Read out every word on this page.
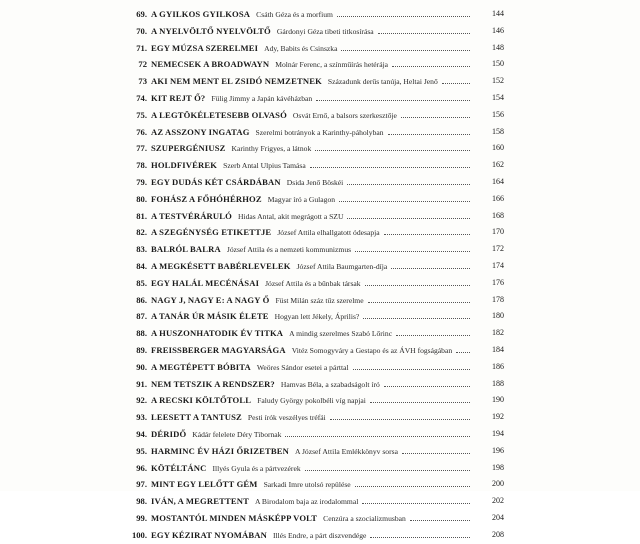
69. A GYILKOS GYILKOSA Csáth Géza és a morfium	144
70. A NYELVÖLTŐ NYELVÖLTŐ Gárdonyi Géza tibeti titkosírása	146
71. EGY MÚZSA SZERELMEI Ady, Babits és Csinszka	148
72 NEMECSEK A BROADWAYN Molnár Ferenc, a színműírás hetérája	150
73 AKI NEM MENT EL ZSIDÓ NEMZETNEK Századunk derűs tanúja, Heltai Jenő	152
74. KIT REJT Ő? Fülig Jimmy a Japán kávéházban	154
75. A LEGTÖKÉLETESEBB OLVASÓ Osvát Ernő, a balsors szerkesztője	156
76. AZ ASSZONY INGATAG Szerelmi botrányok a Karinthy-páholyban	158
77. SZUPERGÉNIUSZ Karinthy Frigyes, a látnok	160
78. HOLDFIVÉREK Szerb Antal Ulpius Tamása	162
79. EGY DUDÁS KÉT CSÁRDÁBAN Dsida Jenő Böskéi	164
80. FOHÁSZ A FŐHÓHÉRHOZ Magyar író a Gulagon	166
81. A TESTVÉRÁRULÓ Hidas Antal, akit megrágott a SZU	168
82. A SZEGÉNYSÉG ETIKETTJE József Attila elhallgatott ódesapja	170
83. BALRÓL BALRA József Attila és a nemzeti kommunizmus	172
84. A MEGKÉSETT BABÉRLEVELEK József Attila Baumgarten-díja	174
85. EGY HALÁL MECÉNÁSAI József Attila és a bűnbak társak	176
86. NAGY J, NAGY E: A NAGY Ő Füst Milán száz tűz szerelme	178
87. A TANÁR ÚR MÁSIK ÉLETE Hogyan lett Jékely, Április?	180
88. A HUSZONHATODIK ÉV TITKA A mindig szerelmes Szabó Lőrinc	182
89. FREISSBERGER MAGYARSÁGA Vitéz Somogyváry a Gestapo és az ÁVH fogságában	184
90. A MEGTÉPETT BÓBITA Weöres Sándor esetei a párttal	186
91. NEM TETSZIK A RENDSZER? Hamvas Béla, a szabadságolt író	188
92. A RECSKI KÖLTŐTOLL Faludy György pokolbéli víg napjai	190
93. LEESETT A TANTUSZ Pesti írók veszélyes tréfái	192
94. DÉRIDŐ Kádár felelete Déry Tibornak	194
95. HARMINC ÉV HÁZI ŐRIZETBEN A József Attila Emlékkönyv sorsa	196
96. KÖTÉLTÁNC Illyés Gyula és a pártvezérek	198
97. MINT EGY LELŐTT GÉM Sarkadi Imre utolsó repülése	200
98. IVÁN, A MEGRETTENT A Birodalom baja az irodalommal	202
99. MOSTANTÓL MINDEN MÁSKÉPP VOLT Cenzúra a szocializmusban	204
100. EGY KÉZIRAT NYOMÁBAN Illés Endre, a párt diszvendége	208
